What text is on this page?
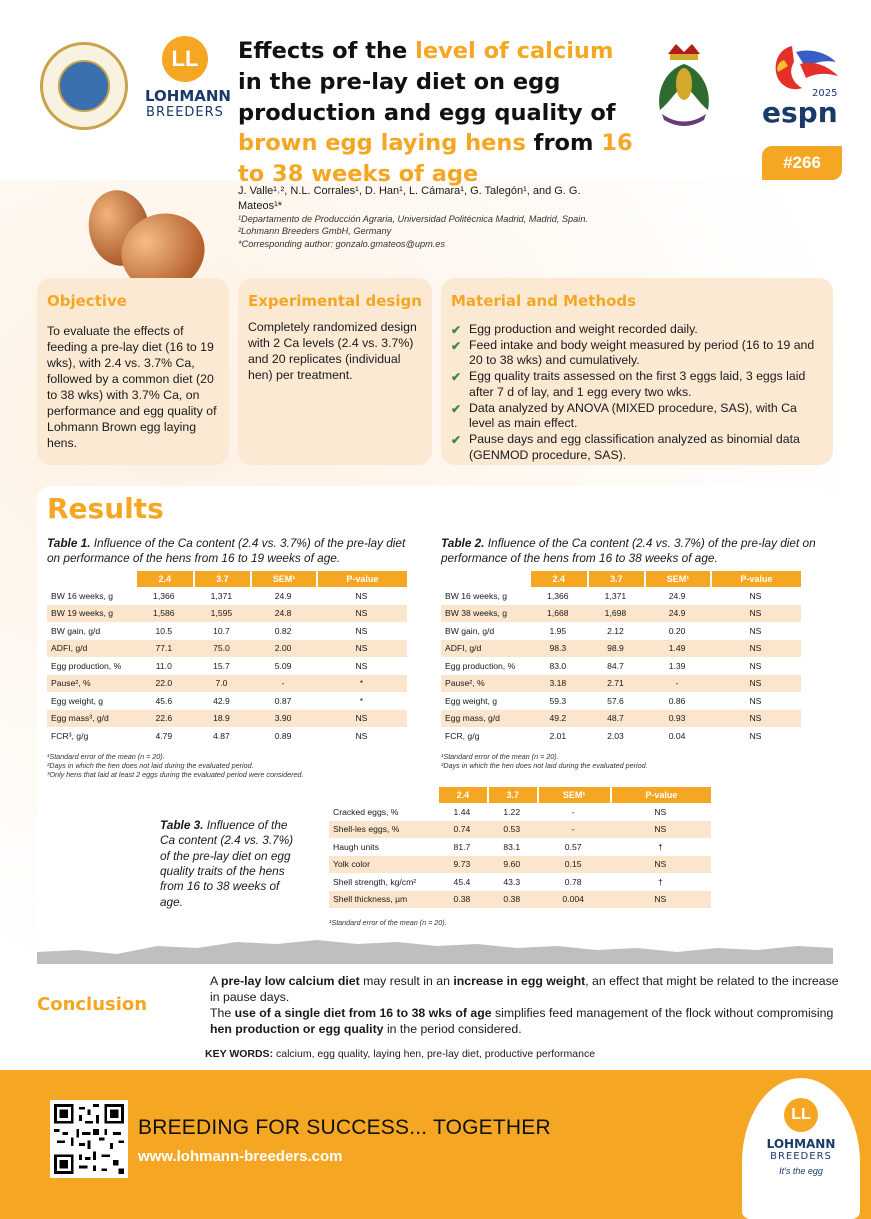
LL
LOHMANN
BREEDERS
Effects of the level of calcium in the pre-lay diet on egg production and egg quality of brown egg laying hens from 16 to 38 weeks of age
2025
espn
#266
J. Valle¹˒², N.L. Corrales¹, D. Han¹, L. Cámara¹, G. Talegón¹, and G. G. Mateos¹*
¹Departamento de Producción Agraria, Universidad Politécnica Madrid, Madrid, Spain.
²Lohmann Breeders GmbH, Germany
*Corresponding author: gonzalo.gmateos@upm.es
Objective

To evaluate the effects of feeding a pre-lay diet (16 to 19 wks), with 2.4 vs. 3.7% Ca, followed by a common diet (20 to 38 wks) with 3.7% Ca, on performance and egg quality of Lohmann Brown egg laying hens.

Experimental design

Completely randomized design with 2 Ca levels (2.4 vs. 3.7%) and 20 replicates (individual hen) per treatment.

Material and Methods
✔ Egg production and weight recorded daily.
✔ Feed intake and body weight measured by period (16 to 19 and 20 to 38 wks) and cumulatively.
✔ Egg quality traits assessed on the first 3 eggs laid, 3 eggs laid after 7 d of lay, and 1 egg every two wks.
✔ Data analyzed by ANOVA (MIXED procedure, SAS), with Ca level as main effect.
✔ Pause days and egg classification analyzed as binomial data (GENMOD procedure, SAS).
Results
Table 1. Influence of the Ca content (2.4 vs. 3.7%) of the pre-lay diet on performance of the hens from 16 to 19 weeks of age.
	2.4	3.7	SEM¹	P-value
BW 16 weeks, g	1,366	1,371	24.9	NS
BW 19 weeks, g	1,586	1,595	24.8	NS
BW gain, g/d	10.5	10.7	0.82	NS
ADFI, g/d	77.1	75.0	2.00	NS
Egg production, %	11.0	15.7	5.09	NS
Pause², %	22.0	7.0	-	*
Egg weight, g	45.6	42.9	0.87	*
Egg mass³, g/d	22.6	18.9	3.90	NS
FCR³, g/g	4.79	4.87	0.89	NS
¹Standard error of the mean (n = 20).
²Days in which the hen does not laid during the evaluated period.
³Only hens that laid at least 2 eggs during the evaluated period were considered.
Table 2. Influence of the Ca content (2.4 vs. 3.7%) of the pre-lay diet on performance of the hens from 16 to 38 weeks of age.
	2.4	3.7	SEM¹	P-value
BW 16 weeks, g	1,366	1,371	24.9	NS
BW 38 weeks, g	1,668	1,698	24.9	NS
BW gain, g/d	1.95	2.12	0.20	NS
ADFI, g/d	98.3	98.9	1.49	NS
Egg production, %	83.0	84.7	1.39	NS
Pause², %	3.18	2.71	-	NS
Egg weight, g	59.3	57.6	0.86	NS
Egg mass, g/d	49.2	48.7	0.93	NS
FCR, g/g	2.01	2.03	0.04	NS
¹Standard error of the mean (n = 20).
²Days in which the hen does not laid during the evaluated period.
Table 3. Influence of the Ca content (2.4 vs. 3.7%) of the pre-lay diet on egg quality traits of the hens from 16 to 38 weeks of age.
	2.4	3.7	SEM¹	P-value
Cracked eggs, %	1.44	1.22	-	NS
Shell-les eggs, %	0.74	0.53	-	NS
Haugh units	81.7	83.1	0.57	†
Yolk color	9.73	9.60	0.15	NS
Shell strength, kg/cm²	45.4	43.3	0.78	†
Shell thickness, µm	0.38	0.38	0.004	NS
¹Standard error of the mean (n = 20).
Conclusion
A pre-lay low calcium diet may result in an increase in egg weight, an effect that might be related to the increase in pause days.
The use of a single diet from 16 to 38 wks of age simplifies feed management of the flock without compromising hen production or egg quality in the period considered.
KEY WORDS: calcium, egg quality, laying hen, pre-lay diet, productive performance
BREEDING FOR SUCCESS... TOGETHER
www.lohmann-breeders.com
LL
LOHMANN
BREEDERS
It's the egg
